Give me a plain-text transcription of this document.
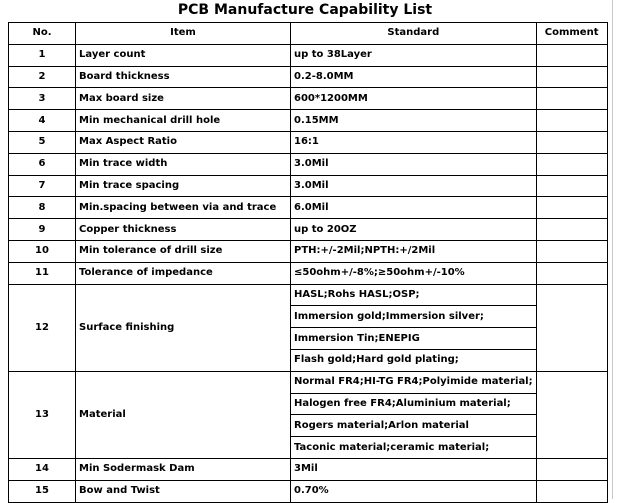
PCB Manufacture Capability List
No.	Item	Standard	Comment
1	Layer count	up to 38Layer	
2	Board thickness	0.2-8.0MM	
3	Max board size	600*1200MM	
4	Min mechanical drill hole	0.15MM	
5	Max Aspect Ratio	16:1	
6	Min trace width	3.0Mil	
7	Min trace spacing	3.0Mil	
8	Min.spacing between via and trace	6.0Mil	
9	Copper thickness	up to 20OZ	
10	Min tolerance of drill size	PTH:+/-2Mil;NPTH:+/2Mil	
11	Tolerance of impedance	≤50ohm+/-8%;≥50ohm+/-10%	
12	Surface finishing	HASL;Rohs HASL;OSP;	
		Immersion gold;Immersion silver;	
		Immersion Tin;ENEPIG	
		Flash gold;Hard gold plating;	
13	Material	Normal FR4;HI-TG FR4;Polyimide material;	
		Halogen free FR4;Aluminium material;	
		Rogers material;Arlon material	
		Taconic material;ceramic material;	
14	Min Sodermask Dam	3Mil	
15	Bow and Twist	0.70%	
